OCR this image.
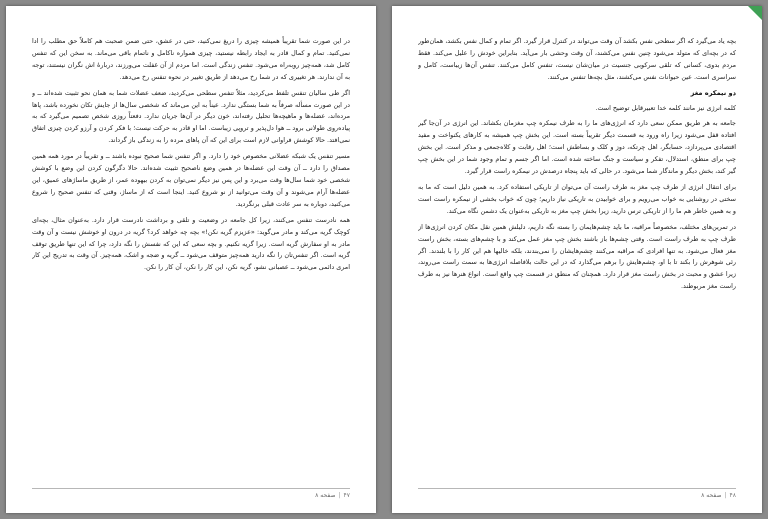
در این صورت شما تقریباً همیشه چیزی را دریغ نمی‌کنید، حتی در عشق، حتی ضمن صحبت هم کاملاً حق مطلب را ادا نمی‌کنید. تمام و کمال قادر به ایجاد رابطه نیستید، چیزی همواره ناکامل و ناتمام باقی می‌ماند. به سخن این که تنفس کامل شد، همه‌چیز روبه‌راه می‌شود. تنفس زندگی است. اما مردم از آن غفلت می‌ورزند، دربارهٔ اش نگران نیستند، توجه به آن ندارند. هر تغییری که در شما رخ می‌دهد از طریق تغییر در نحوه تنفس رخ می‌دهد.

اگر طی سالیان تنفس تلفط می‌کردید، مثلاً تنفس سطحی می‌کردید، ضعف عضلات شما به همان نحو تثبیت شده‌اند ــ و در این صورت مسأله صرفاً به شما بستگی ندارد. عیناً به این می‌ماند که شخصی سال‌ها از جایش تکان نخورده باشد، پاها مرده‌اند، عضله‌ها و ماهیچه‌ها تحلیل رفته‌اند، خون دیگر در آن‌ها جریان ندارد. دفعتاً روزی شخص تصمیم می‌گیرد که به پیاده‌روی طولانی برود ــ هوا دل‌پذیر و تروپی زیباست. اما او قادر به حرکت نیست؛ با فکر کردن و آرزو کردن چیزی اتفاق نمی‌افتد. حالا کوشش فراوانی لازم است برای این که آن پاهای مرده را به زندگی باز گرداند.

مسیر تنفس یک شبکه عضلانی مخصوص خود را دارد. و اگر تنفس شما صحیح نبوده باشند ــ و تقریباً در مورد همه همین مصداق را دارد ــ آن وقت این عضله‌ها در همین وضع ناصحیح تثبیت شده‌اند. حالا دگرگون کردن این وضع با کوشش شخصی خود شما سال‌ها وقت می‌برد و این پس نیز دیگر نمی‌توان به کردن بیهوده عمر، از طریق ماساژهای عمیق، این عضله‌ها آرام می‌شوند و آن وقت می‌توانید از نو شروع کنید. اینجا است که از ماساژ، وقتی که تنفس صحیح را شروع می‌کنید، دوباره به سر عادت قبلی برنگردید.

همه نادرست تنفس می‌کنند، زیرا کل جامعه در وضعیت و تلقی و برداشت نادرست قرار دارد. به‌عنوان مثال، بچه‌ای کوچک گریه می‌کند و مادر می‌گوید: «عزیزم گریه نکن!» بچه چه خواهد کرد؟ گریه در درون او خوشش نیست و آن وقت مادر به او سفارش گریه است. زیرا گریه نکنیم. و بچه سعی که این که نفسش را نگه دارد، چرا که این تنها طریق توقف گریه است. اگر تنفس‌تان را نگه دارید همه‌چیز متوقف می‌شود ــ گریه و ضجه و اشک، همه‌چیز. آن وقت به تدریج این کار امری دائمی می‌شود ــ عصبانی نشو، گریه نکن، این کار را نکن، آن کار را نکن.

۴۷|صفحه ۸

بچه یاد می‌گیرد که اگر سطحی نفس بکشد آن وقت می‌تواند در کنترل قرار گیرد. اگر تمام و کمال نفس بکشد، همان‌طور که در بچه‌ای که متولد می‌شود چنین نفس می‌کشند، آن وقت وحشی بار می‌آید. بنابراین خودش را علیل می‌کند. فقط مردم بدوی، کسانی که تلقی سرکوبی جنسیت در میان‌شان نیست، تنفس کامل می‌کنند. تنفس آن‌ها زیباست، کامل و سراسری است. عین حیوانات نفس می‌کشند، مثل بچه‌ها تنفس می‌کنند.

دو نیمکره مغز

کلمه انرژی نیز مانند کلمه خدا تعبیرقابل توضیح است.

جامعه به هر طریق ممکن سعی دارد که انرژی‌های ما را به طرف نیمکره چپ مغزمان بکشاند. این انرژی در آن‌جا گیر افتاده قفل می‌شود زیرا راه ورود به قسمت دیگر تقریباً بسته است. این بخش چپ همیشه به کارهای یکنواخت و مفید اقتصادی می‌پردازد، حسابگر، اهل چرتکه، دوز و کلک و بساطش است؛ اهل رقابت و کلاه‌جمعی و مذکر است. این بخش چپ برای منطق، استدلال، تفکر و سیاست و جنگ ساخته شده است. اما اگر جسم و تمام وجود شما در این بخش چپ گیر کند، بخش دیگر و ماندگار شما می‌شود. در حالی که باید پنجاه درصدش در نیمکره راست قرار گیرد.

برای انتقال انرژی از طرف چپ مغز به طرف راست آن می‌توان از تاریکی استفاده کرد. به همین دلیل است که ما به سختی در روشنایی به خواب می‌رویم و برای خوابیدن به تاریکی نیاز داریم؛ چون که خواب بخشی از نیمکره راست است و به همین خاطر هم ما را از تاریکی ترس دارید، زیرا بخش چپ مغز به تاریکی به‌عنوان یک دشمن نگاه می‌کند.

در تمرین‌های مختلف، مخصوصاً مراقبه، ما باید چشم‌هایمان را بسته نگه داریم، دلیلش همین نقل مکان کردن انرژی‌ها از طرف چپ به طرف راست است. وقتی چشم‌ها باز باشند بخش چپ مغز عمل می‌کند و با چشم‌های بسته، بخش راست مغز فعال می‌شود. به تنها افرادی که مراقبه می‌کنند چشم‌هایشان را نمی‌بندند، بلکه خالیها هم این کار را با بلندند. اگر رئی شوهرش را بکند تا با او، چشم‌هایش را برهم می‌گذارد که در این حالت بلافاصله انرژی‌ها به سمت راست می‌روند، زیرا عشق و محبت در بخش راست مغز قرار دارد. همچنان که منطق در قسمت چپ واقع است. انواع هنرها نیز به طرف راست مغز مربوطند.

۴۸|صفحه ۸
